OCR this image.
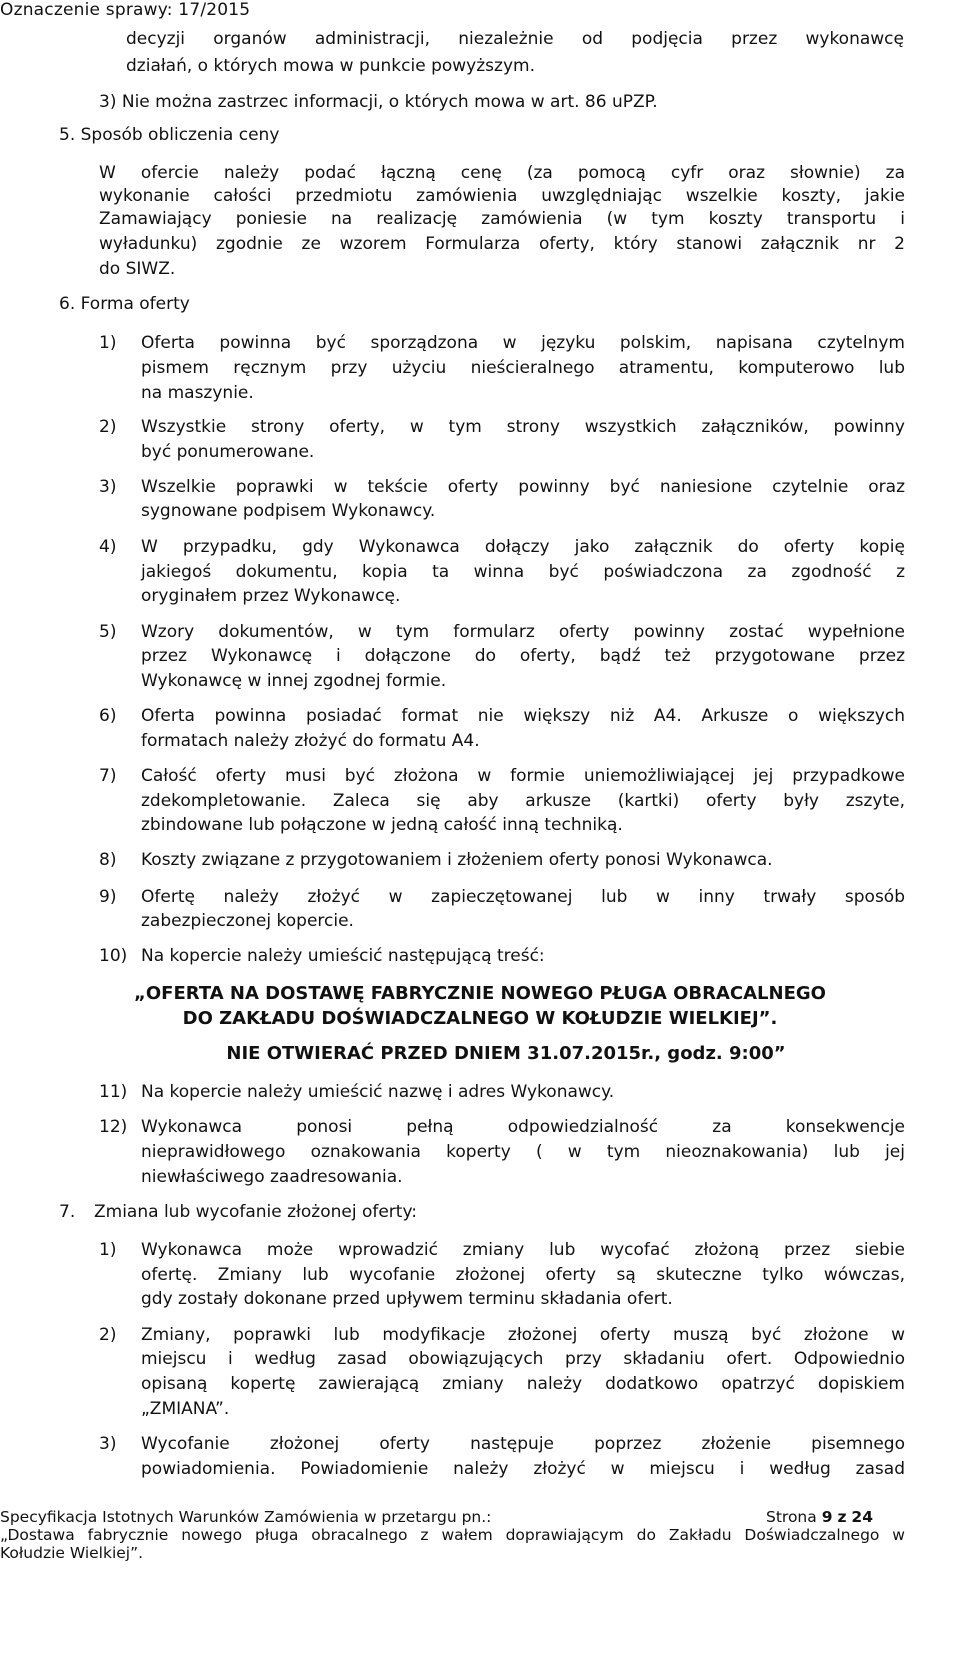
Oznaczenie sprawy: 17/2015
decyzji organów administracji, niezależnie od podjęcia przez wykonawcę
działań, o których mowa w punkcie powyższym.
3) Nie można zastrzec informacji, o których mowa w art. 86 uPZP.
5. Sposób obliczenia ceny
W ofercie należy podać łączną cenę (za pomocą cyfr oraz słownie) za
wykonanie całości przedmiotu zamówienia uwzględniając wszelkie koszty, jakie
Zamawiający poniesie na realizację zamówienia (w tym koszty transportu i
wyładunku) zgodnie ze wzorem Formularza oferty, który stanowi załącznik nr 2
do SIWZ.
6. Forma oferty
1) Oferta powinna być sporządzona w języku polskim, napisana czytelnym
pismem ręcznym przy użyciu nieścieralnego atramentu, komputerowo lub
na maszynie.
2) Wszystkie strony oferty, w tym strony wszystkich załączników, powinny
być ponumerowane.
3) Wszelkie poprawki w tekście oferty powinny być naniesione czytelnie oraz
sygnowane podpisem Wykonawcy.
4) W przypadku, gdy Wykonawca dołączy jako załącznik do oferty kopię
jakiegoś dokumentu, kopia ta winna być poświadczona za zgodność z
oryginałem przez Wykonawcę.
5) Wzory dokumentów, w tym formularz oferty powinny zostać wypełnione
przez Wykonawcę i dołączone do oferty, bądź też przygotowane przez
Wykonawcę w innej zgodnej formie.
6) Oferta powinna posiadać format nie większy niż A4. Arkusze o większych
formatach należy złożyć do formatu A4.
7) Całość oferty musi być złożona w formie uniemożliwiającej jej przypadkowe
zdekompletowanie. Zaleca się aby arkusze (kartki) oferty były zszyte,
zbindowane lub połączone w jedną całość inną techniką.
8) Koszty związane z przygotowaniem i złożeniem oferty ponosi Wykonawca.
9) Ofertę należy złożyć w zapieczętowanej lub w inny trwały sposób
zabezpieczonej kopercie.
10) Na kopercie należy umieścić następującą treść:
„OFERTA NA DOSTAWĘ FABRYCZNIE NOWEGO PŁUGA OBRACALNEGO
DO ZAKŁADU DOŚWIADCZALNEGO W KOŁUDZIE WIELKIEJ”.
NIE OTWIERAĆ PRZED DNIEM 31.07.2015r., godz. 9:00”
11) Na kopercie należy umieścić nazwę i adres Wykonawcy.
12) Wykonawca ponosi pełną odpowiedzialność za konsekwencje
nieprawidłowego oznakowania koperty ( w tym nieoznakowania) lub jej
niewłaściwego zaadresowania.
7. Zmiana lub wycofanie złożonej oferty:
1) Wykonawca może wprowadzić zmiany lub wycofać złożoną przez siebie
ofertę. Zmiany lub wycofanie złożonej oferty są skuteczne tylko wówczas,
gdy zostały dokonane przed upływem terminu składania ofert.
2) Zmiany, poprawki lub modyfikacje złożonej oferty muszą być złożone w
miejscu i według zasad obowiązujących przy składaniu ofert. Odpowiednio
opisaną kopertę zawierającą zmiany należy dodatkowo opatrzyć dopiskiem
„ZMIANA”.
3) Wycofanie złożonej oferty następuje poprzez złożenie pisemnego
powiadomienia. Powiadomienie należy złożyć w miejscu i według zasad
Specyfikacja Istotnych Warunków Zamówienia w przetargu pn.:	Strona 9 z 24
„Dostawa fabrycznie nowego pługa obracalnego z wałem doprawiającym do Zakładu Doświadczalnego w
Kołudzie Wielkiej”.
